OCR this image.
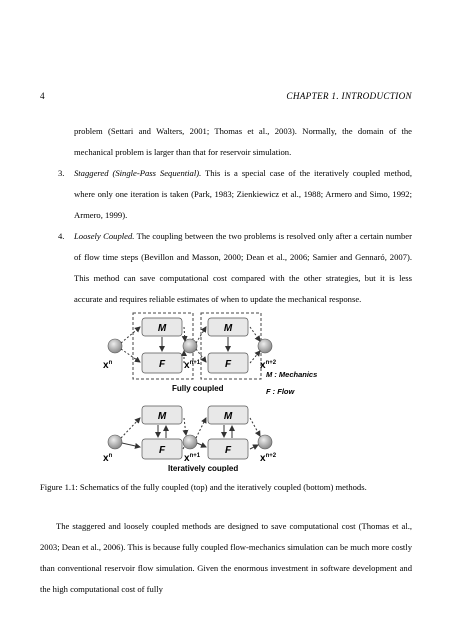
4	CHAPTER 1. INTRODUCTION

problem (Settari and Walters, 2001; Thomas et al., 2003). Normally, the domain of the mechanical problem is larger than that for reservoir simulation.

3. Staggered (Single-Pass Sequential). This is a special case of the iteratively coupled method, where only one iteration is taken (Park, 1983; Zienkiewicz et al., 1988; Armero and Simo, 1992; Armero, 1999).

4. Loosely Coupled. The coupling between the two problems is resolved only after a certain number of flow time steps (Bevillon and Masson, 2000; Dean et al., 2006; Samier and Gennaró, 2007). This method can save computational cost compared with the other strategies, but it is less accurate and requires reliable estimates of when to update the mechanical response.

M
F
M
F
$x^n$	$x^{n+1}$	$x^{n+2}$
Fully coupled
M : Mechanics
F : Flow
M
F
M
F
$x^n$	$x^{n+1}$	$x^{n+2}$
Iteratively coupled

Figure 1.1: Schematics of the fully coupled (top) and the iteratively coupled (bottom) methods.

The staggered and loosely coupled methods are designed to save computational cost (Thomas et al., 2003; Dean et al., 2006). This is because fully coupled flow-mechanics simulation can be much more costly than conventional reservoir flow simulation. Given the enormous investment in software development and the high computational cost of fully
